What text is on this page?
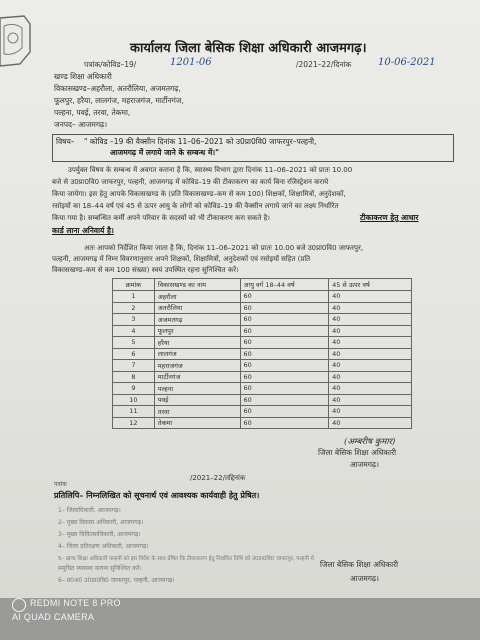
कार्यालय जिला बेसिक शिक्षा अधिकारी आजमगढ़।
पत्रांक/कोविड–19/	1201-06	/2021–22/दिनांक	10-06-2021
खण्ड शिक्षा अधिकारी
विकासखण्ड–अहरौला, अतरौलिया, अजमतगढ़,
फूलपुर, हरैया, लालगंज, महराजगंज, मार्टीनगंज,
पल्हना, पवई, तरवा, तेकमा,
जनपद– आजमगढ़।
विषय– " कोविड –19 की वैक्सीन दिनांक 11–06–2021 को उ0प्रा0वि0 जाफरपुर–पल्हनी,
आजमगढ़ में लगाये जाने के सम्बन्ध में।"
उपर्युक्त विषय के सम्बन्ध में अवगत कराना है कि, स्वास्थ्य विभाग द्वारा दिनांक 11–06–2021 को प्रातः 10.00
बजे से उ0प्रा0वि0 जाफरपुर, पल्हनी, आजमगढ़ में कोविड–19 की टीकाकरण का कार्य बिना रजिस्ट्रेशन कराये
किया जायेगा। इस हेतु आपके विकासखण्ड के (प्रति विकासखण्ड–कम से कम 100) शिक्षकों, शिक्षामित्रों, अनुदेशकों,
रसोइयों का 18–44 वर्ष एवं 45 से ऊपर आयु के लोगों को कोविड–19 की वैक्सीन लगाये जाने का लक्ष्य निर्धारित
किया गया है। सम्बन्धित कर्मी अपने परिवार के सदस्यों को भी टीकाकरण करा सकते है।	टीकाकरण हेतु आधार
कार्ड लाना अनिवार्य है।
अतः आपको निर्देशित किया जाता है कि, दिनांक 11–06–2021 को प्रातः 10.00 बजे उ0प्रा0वि0 जाफरपुर,
पल्हनी, आजमगढ़ में निम्न विवरणानुसार अपने शिक्षकों, शिक्षामित्रों, अनुदेशकों एवं रसोइयों सहित (प्रति
विकासखण्ड–कम से कम 100 संख्या) स्वयं उपस्थित रहना सुनिश्चित करें।
क्रमांक	विकासखण्ड का नाम	आयु वर्ग 18–44 वर्ष	45 से ऊपर वर्ष
1	अहरौला	60	40
2	अतरौलिया	60	40
3	अजमतगढ़	60	40
4	फूलपुर	60	40
5	हरैया	60	40
6	लालगंज	60	40
7	महराजगंज	60	40
8	मार्टीनगंज	60	40
9	पल्हना	60	40
10	पवई	60	40
11	तरवा	60	40
12	तेकमा	60	40
(अम्बरीष कुमार)
जिला बेसिक शिक्षा अधिकारी
आजमगढ़।
पत्रांक
/2021–22/तद्दिनांक
प्रतिलिपि– निम्नलिखित को सूचनार्थ एवं आवश्यक कार्यवाही हेतु प्रेषित।
1– जिलाधिकारी, आजमगढ़।
2– मुख्य विकास अधिकारी, आजमगढ़।
3– मुख्य चिकित्साधिकारी, आजमगढ़।
4– जिला प्रतिरक्षण अधिकारी, आजमगढ़।
5– खण्ड शिक्षा अधिकारी पल्हनी को इस निर्देश के साथ प्रेषित कि टीकाकरण हेतु निर्धारित तिथि को उ0प्रा0वि0 जाफरपुर, पल्हनी में
समुचित व्यवस्था कराना सुनिश्चित करें।
6– प्र0अ0 उ0प्रा0वि0 जाफरपुर, पल्हनी, आजमगढ़।
जिला बेसिक शिक्षा अधिकारी
आजमगढ़।
REDMI NOTE 8 PRO
AI QUAD CAMERA
